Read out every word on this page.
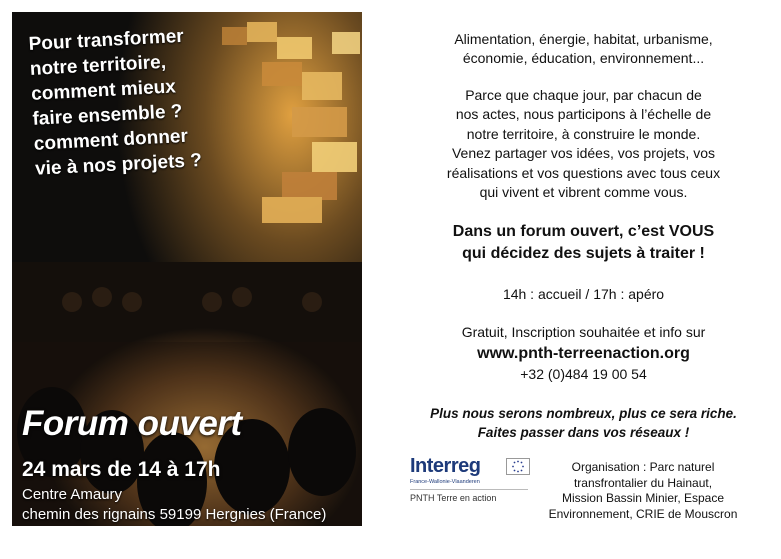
Pour transformer
notre territoire,
comment mieux
faire ensemble ?
comment donner
vie à nos projets ?
Forum ouvert
24 mars de 14 à 17h
Centre Amaury
chemin des rignains 59199 Hergnies (France)
Alimentation, énergie, habitat, urbanisme,
économie, éducation, environnement...
Parce que chaque jour, par chacun de
nos actes, nous participons à l’échelle de
notre territoire, à construire le monde.
Venez partager vos idées, vos projets, vos
réalisations et vos questions avec tous ceux
qui vivent et vibrent comme vous.
Dans un forum ouvert, c’est VOUS
qui décidez des sujets à traiter !
14h : accueil / 17h : apéro
Gratuit, Inscription souhaitée et info sur
www.pnth-terreenaction.org
+32 (0)484 19 00 54
Plus nous serons nombreux, plus ce sera riche.
Faites passer dans vos réseaux !
Interreg
France-Wallonie-Vlaanderen
PNTH Terre en action
Organisation : Parc naturel
transfrontalier du Hainaut,
Mission Bassin Minier, Espace
Environnement, CRIE de Mouscron
